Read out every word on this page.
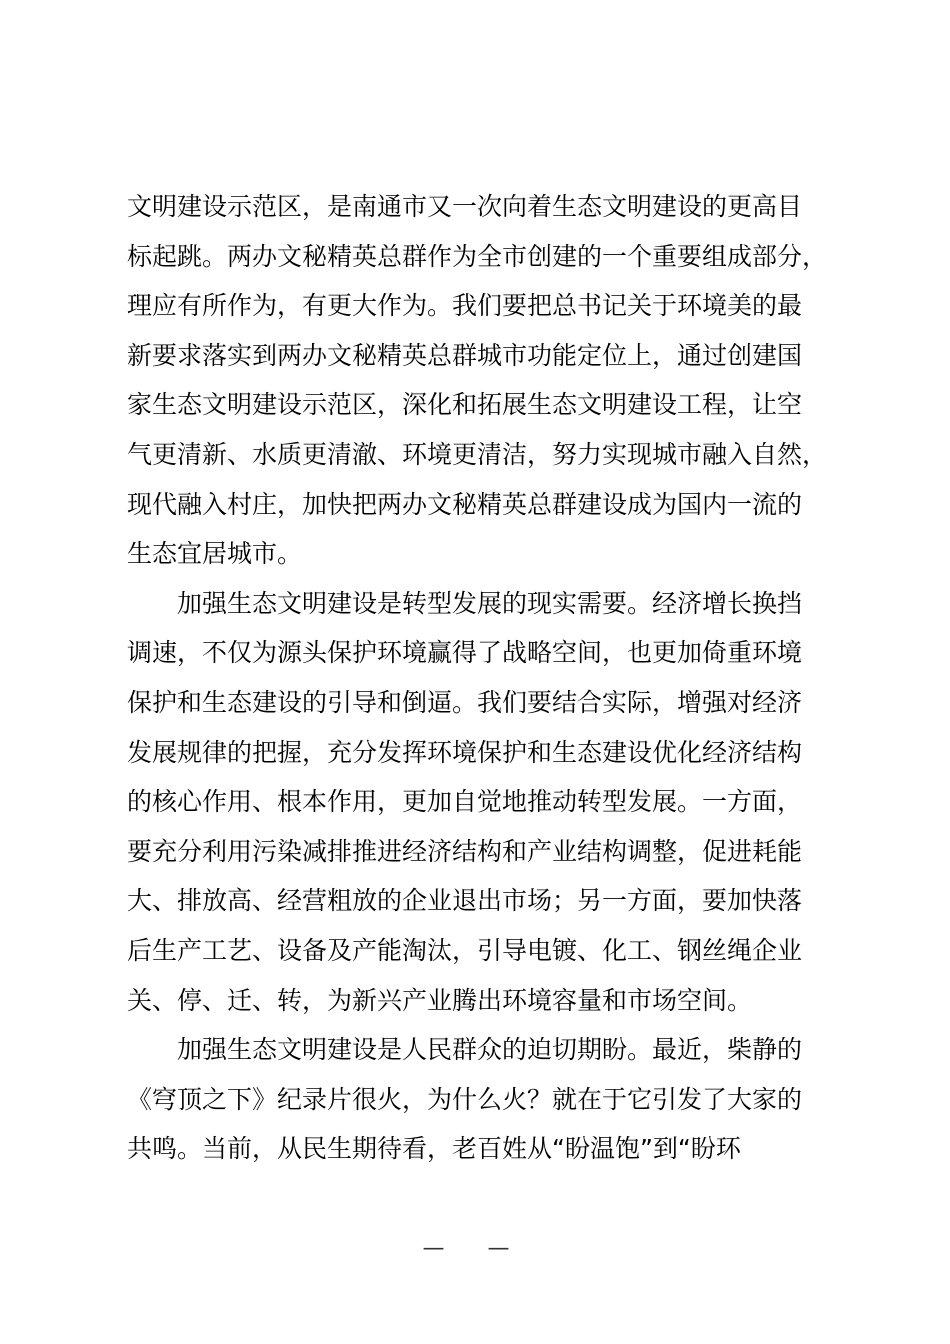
文明建设示范区，是南通市又一次向着生态文明建设的更高目
标起跳。两办文秘精英总群作为全市创建的一个重要组成部分，
理应有所作为，有更大作为。我们要把总书记关于环境美的最
新要求落实到两办文秘精英总群城市功能定位上，通过创建国
家生态文明建设示范区，深化和拓展生态文明建设工程，让空
气更清新、水质更清澈、环境更清洁，努力实现城市融入自然，
现代融入村庄，加快把两办文秘精英总群建设成为国内一流的
生态宜居城市。
　　加强生态文明建设是转型发展的现实需要。经济增长换挡
调速，不仅为源头保护环境赢得了战略空间，也更加倚重环境
保护和生态建设的引导和倒逼。我们要结合实际，增强对经济
发展规律的把握，充分发挥环境保护和生态建设优化经济结构
的核心作用、根本作用，更加自觉地推动转型发展。一方面，
要充分利用污染减排推进经济结构和产业结构调整，促进耗能
大、排放高、经营粗放的企业退出市场；另一方面，要加快落
后生产工艺、设备及产能淘汰，引导电镀、化工、钢丝绳企业
关、停、迁、转，为新兴产业腾出环境容量和市场空间。
　　加强生态文明建设是人民群众的迫切期盼。最近，柴静的
《穹顶之下》纪录片很火，为什么火？就在于它引发了大家的
共鸣。当前，从民生期待看，老百姓从“盼温饱”到“盼环
— —
